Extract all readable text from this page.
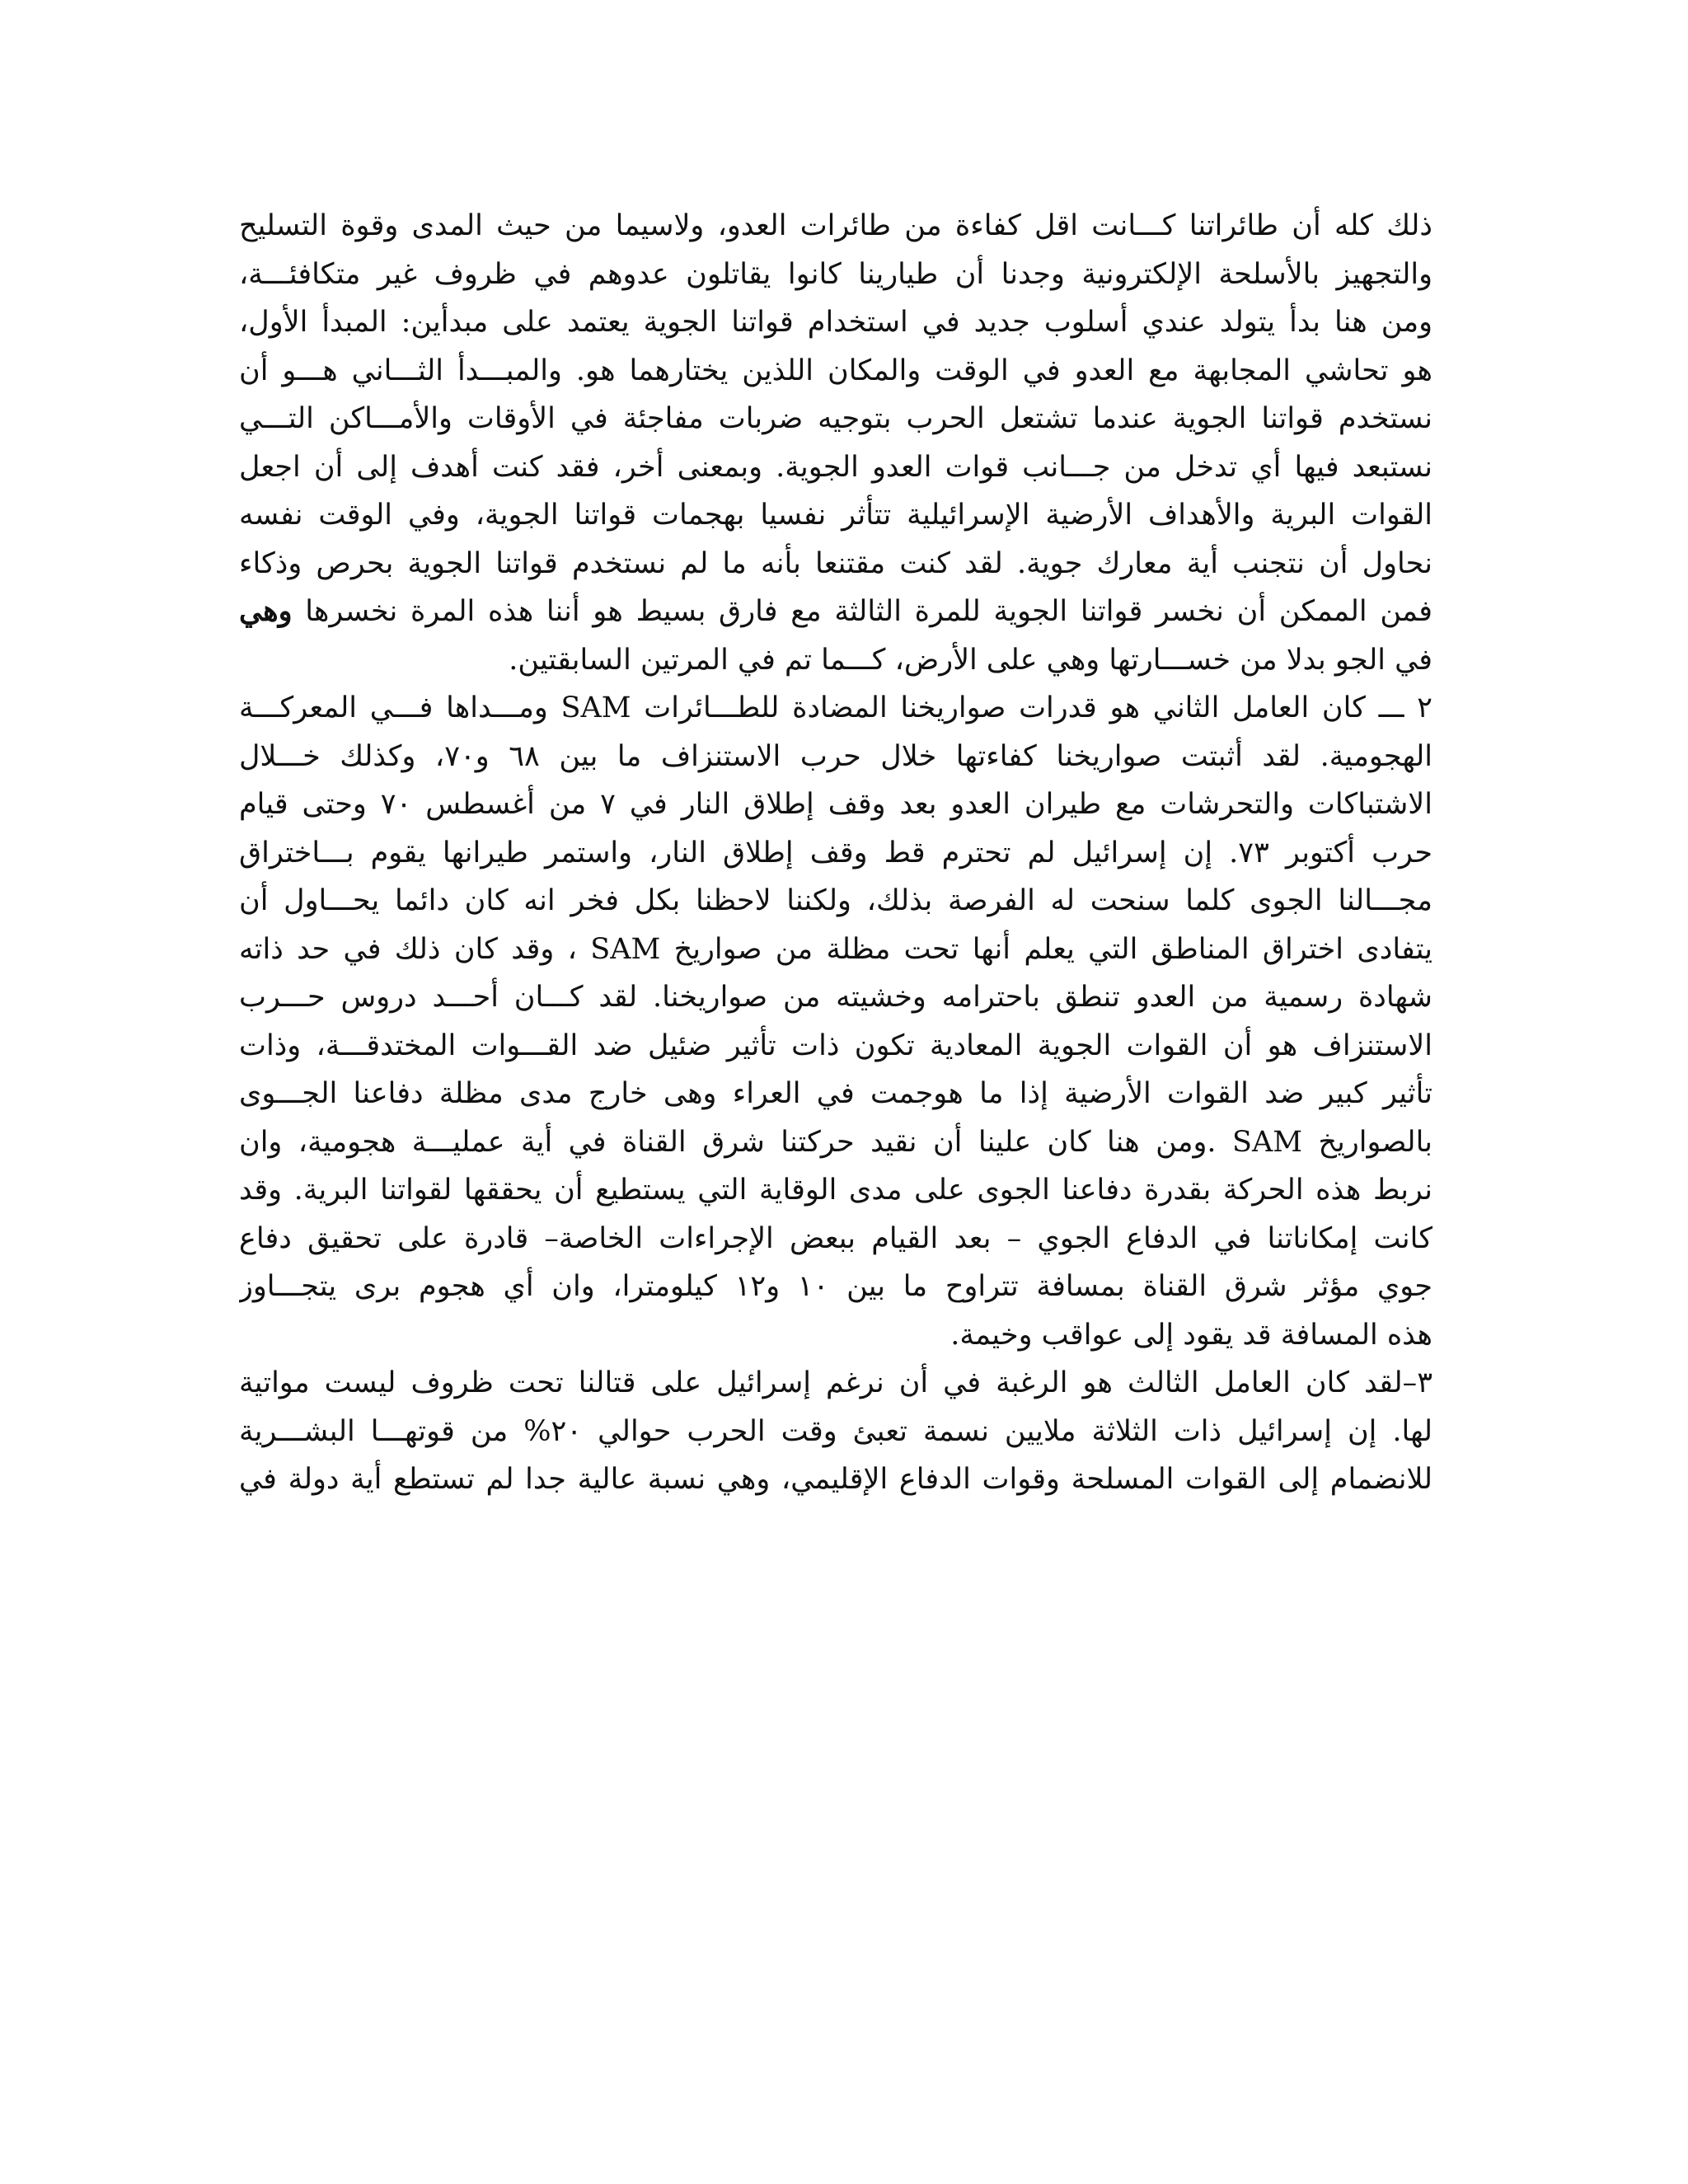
ذلك كله أن طائراتنا كـــانت اقل كفاءة من طائرات العدو، ولاسيما من حيث المدى وقوة التسليح
والتجهيز بالأسلحة الإلكترونية وجدنا أن طيارينا كانوا يقاتلون عدوهم في ظروف غير متكافئـــة،
ومن هنا بدأ يتولد عندي أسلوب جديد في استخدام قواتنا الجوية يعتمد على مبدأين: المبدأ الأول،
هو تحاشي المجابهة مع العدو في الوقت والمكان اللذين يختارهما هو. والمبـــدأ الثـــاني هـــو أن
نستخدم قواتنا الجوية عندما تشتعل الحرب بتوجيه ضربات مفاجئة في الأوقات والأمـــاكن التـــي
نستبعد فيها أي تدخل من جـــانب قوات العدو الجوية. وبمعنى أخر، فقد كنت أهدف إلى أن اجعل
القوات البرية والأهداف الأرضية الإسرائيلية تتأثر نفسيا بهجمات قواتنا الجوية، وفي الوقت نفسه
نحاول أن نتجنب أية معارك جوية. لقد كنت مقتنعا بأنه ما لم نستخدم قواتنا الجوية بحرص وذكاء
فمن الممكن أن نخسر قواتنا الجوية للمرة الثالثة مع فارق بسيط هو أننا هذه المرة نخسرها وهي
في الجو بدلا من خســـارتها وهي على الأرض، كـــما تم في المرتين السابقتين.
٢ ـــ كان العامل الثاني هو قدرات صواريخنا المضادة للطـــائرات SAM ومـــداها فـــي المعركـــة
الهجومية. لقد أثبتت صواريخنا كفاءتها خلال حرب الاستنزاف ما بين ٦٨ و٧٠، وكذلك خـــلال
الاشتباكات والتحرشات مع طيران العدو بعد وقف إطلاق النار في ٧ من أغسطس ٧٠ وحتى قيام
حرب أكتوبر ٧٣. إن إسرائيل لم تحترم قط وقف إطلاق النار، واستمر طيرانها يقوم بـــاختراق
مجـــالنا الجوى كلما سنحت له الفرصة بذلك، ولكننا لاحظنا بكل فخر انه كان دائما يحـــاول أن
يتفادى اختراق المناطق التي يعلم أنها تحت مظلة من صواريخ SAM ، وقد كان ذلك في حد ذاته
شهادة رسمية من العدو تنطق باحترامه وخشيته من صواريخنا. لقد كـــان أحـــد دروس حـــرب
الاستنزاف هو أن القوات الجوية المعادية تكون ذات تأثير ضئيل ضد القـــوات المختدقـــة، وذات
تأثير كبير ضد القوات الأرضية إذا ما هوجمت في العراء وهى خارج مدى مظلة دفاعنا الجـــوى
بالصواريخ SAM .ومن هنا كان علينا أن نقيد حركتنا شرق القناة في أية عمليـــة هجومية، وان
نربط هذه الحركة بقدرة دفاعنا الجوى على مدى الوقاية التي يستطيع أن يحققها لقواتنا البرية. وقد
كانت إمكاناتنا في الدفاع الجوي – بعد القيام ببعض الإجراءات الخاصة– قادرة على تحقيق دفاع
جوي مؤثر شرق القناة بمسافة تتراوح ما بين ١٠ و١٢ كيلومترا، وان أي هجوم برى يتجـــاوز
هذه المسافة قد يقود إلى عواقب وخيمة.
٣–لقد كان العامل الثالث هو الرغبة في أن نرغم إسرائيل على قتالنا تحت ظروف ليست مواتية
لها. إن إسرائيل ذات الثلاثة ملايين نسمة تعبئ وقت الحرب حوالي ٢٠% من قوتهـــا البشـــرية
للانضمام إلى القوات المسلحة وقوات الدفاع الإقليمي، وهي نسبة عالية جدا لم تستطع أية دولة في
